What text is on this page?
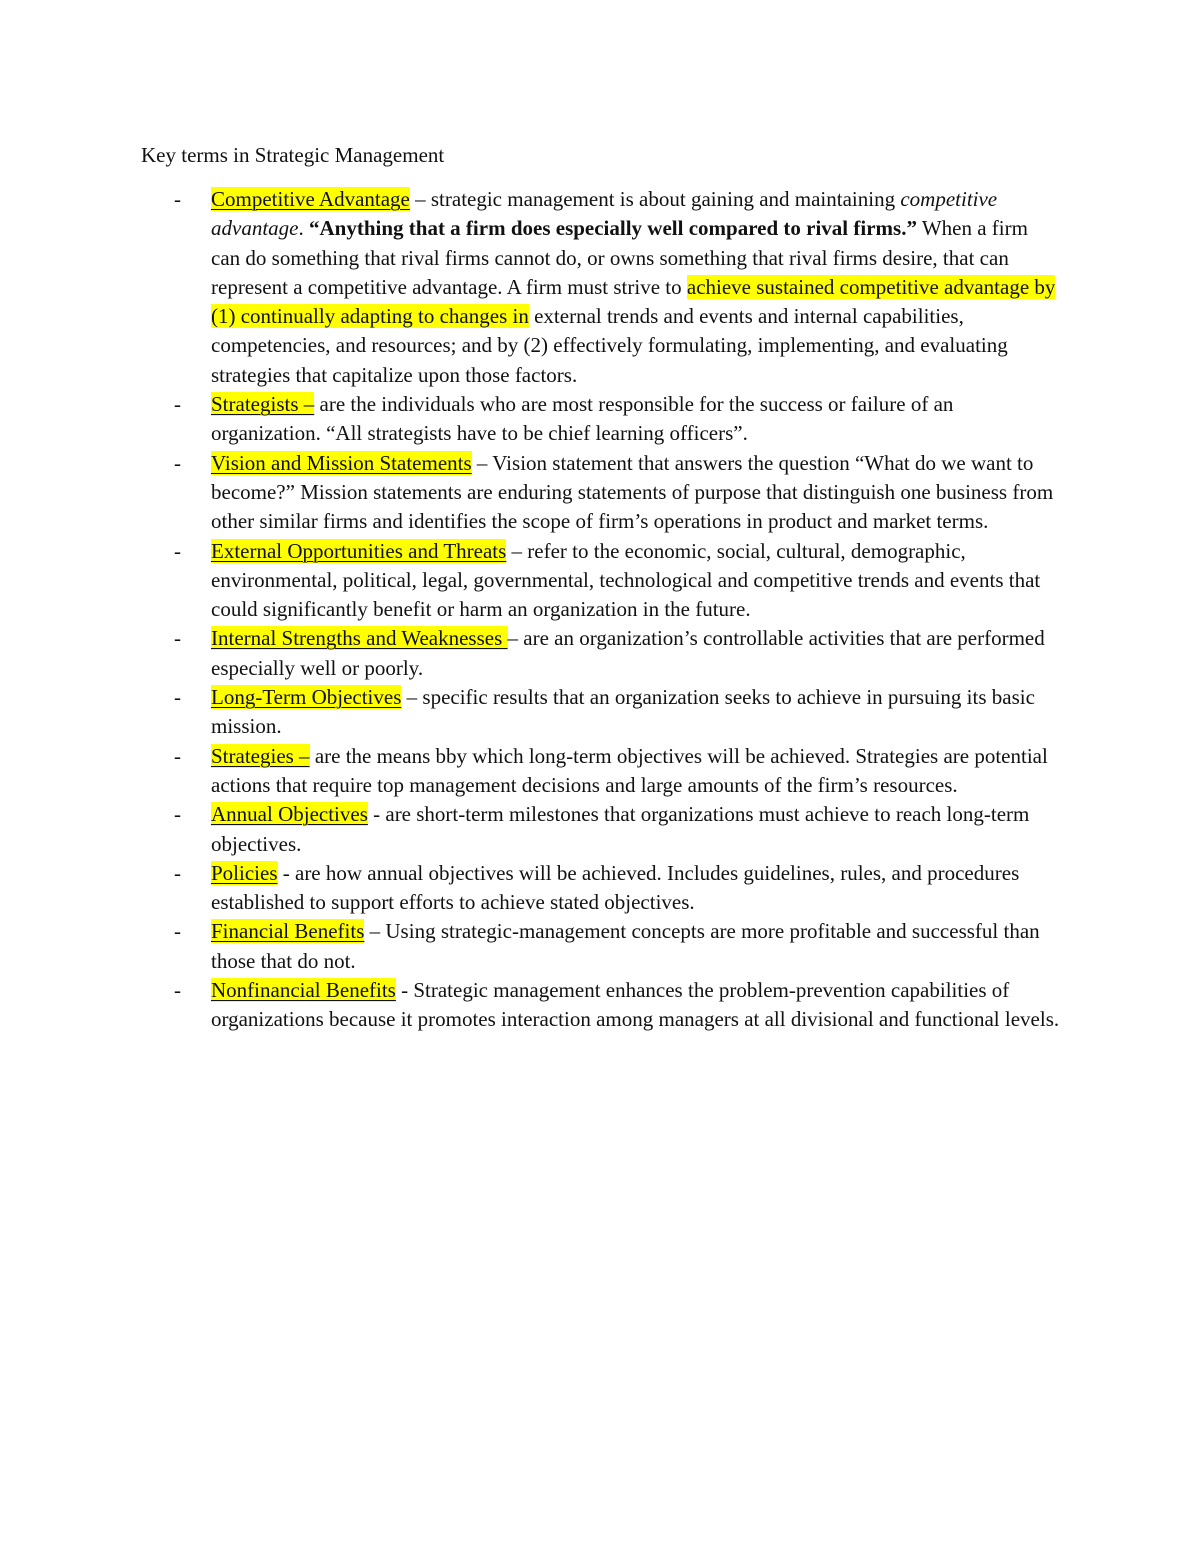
Key terms in Strategic Management
- Competitive Advantage – strategic management is about gaining and maintaining competitive advantage. “Anything that a firm does especially well compared to rival firms.” When a firm can do something that rival firms cannot do, or owns something that rival firms desire, that can represent a competitive advantage. A firm must strive to achieve sustained competitive advantage by (1) continually adapting to changes in external trends and events and internal capabilities, competencies, and resources; and by (2) effectively formulating, implementing, and evaluating strategies that capitalize upon those factors.
- Strategists – are the individuals who are most responsible for the success or failure of an organization. “All strategists have to be chief learning officers”.
- Vision and Mission Statements – Vision statement that answers the question “What do we want to become?” Mission statements are enduring statements of purpose that distinguish one business from other similar firms and identifies the scope of firm’s operations in product and market terms.
- External Opportunities and Threats – refer to the economic, social, cultural, demographic, environmental, political, legal, governmental, technological and competitive trends and events that could significantly benefit or harm an organization in the future.
- Internal Strengths and Weaknesses – are an organization’s controllable activities that are performed especially well or poorly.
- Long-Term Objectives – specific results that an organization seeks to achieve in pursuing its basic mission.
- Strategies – are the means bby which long-term objectives will be achieved. Strategies are potential actions that require top management decisions and large amounts of the firm’s resources.
- Annual Objectives - are short-term milestones that organizations must achieve to reach long-term objectives.
- Policies - are how annual objectives will be achieved. Includes guidelines, rules, and procedures established to support efforts to achieve stated objectives.
- Financial Benefits – Using strategic-management concepts are more profitable and successful than those that do not.
- Nonfinancial Benefits - Strategic management enhances the problem-prevention capabilities of organizations because it promotes interaction among managers at all divisional and functional levels.
